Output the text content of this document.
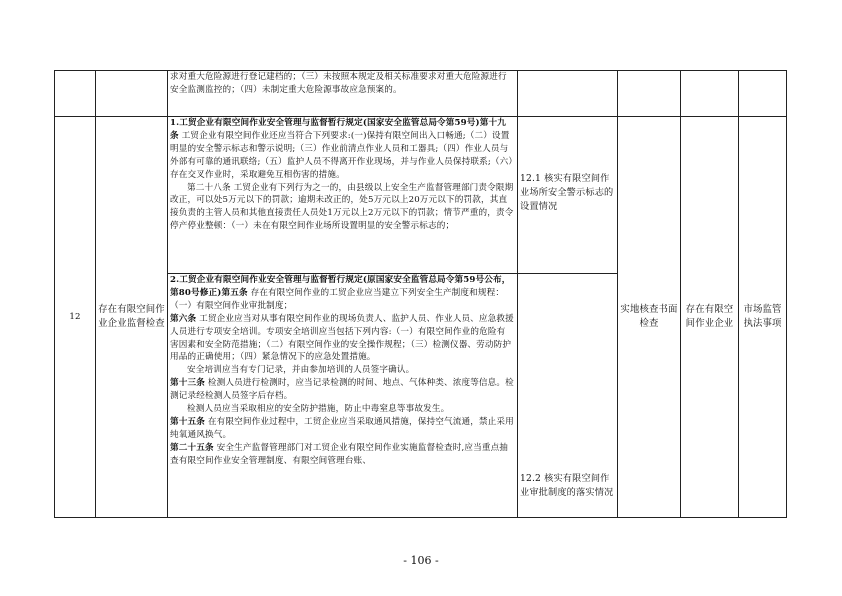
求对重大危险源进行登记建档的；（三）未按照本规定及相关标准要求对重大危险源进行安全监测监控的；（四）未制定重大危险源事故应急预案的。

12
存在有限空间作业企业监督检查
实地核查书面检查
存在有限空间作业企业
市场监管执法事项

1.工贸企业有限空间作业安全管理与监督暂行规定(国家安全监管总局令第59号)第十九条 工贸企业有限空间作业还应当符合下列要求:(一)保持有限空间出入口畅通;（二）设置明显的安全警示标志和警示说明;（三）作业前清点作业人员和工器具;（四）作业人员与外部有可靠的通讯联络;（五）监护人员不得离开作业现场，并与作业人员保持联系;（六）存在交叉作业时，采取避免互相伤害的措施。

第二十八条 工贸企业有下列行为之一的，由县级以上安全生产监督管理部门责令限期改正，可以处5万元以下的罚款；逾期未改正的，处5万元以上20万元以下的罚款，其直接负责的主管人员和其他直接责任人员处1万元以上2万元以下的罚款；情节严重的，责令停产停业整顿：（一）未在有限空间作业场所设置明显的安全警示标志的；

12.1 核实有限空间作业场所安全警示标志的设置情况

2.工贸企业有限空间作业安全管理与监督暂行规定(原国家安全监管总局令第59号公布，第80号修正)第五条 存在有限空间作业的工贸企业应当建立下列安全生产制度和规程：（一）有限空间作业审批制度；

第六条 工贸企业应当对从事有限空间作业的现场负责人、监护人员、作业人员、应急救援人员进行专项安全培训。专项安全培训应当包括下列内容:（一）有限空间作业的危险有害因素和安全防范措施；（二）有限空间作业的安全操作规程；（三）检测仪器、劳动防护用品的正确使用；（四）紧急情况下的应急处置措施。

安全培训应当有专门记录，并由参加培训的人员签字确认。

第十三条 检测人员进行检测时，应当记录检测的时间、地点、气体种类、浓度等信息。检测记录经检测人员签字后存档。

检测人员应当采取相应的安全防护措施，防止中毒窒息等事故发生。

第十五条 在有限空间作业过程中，工贸企业应当采取通风措施，保持空气流通，禁止采用纯氧通风换气。

第二十五条 安全生产监督管理部门对工贸企业有限空间作业实施监督检查时,应当重点抽查有限空间作业安全管理制度、有限空间管理台账、

12.2 核实有限空间作业审批制度的落实情况
- 106 -
